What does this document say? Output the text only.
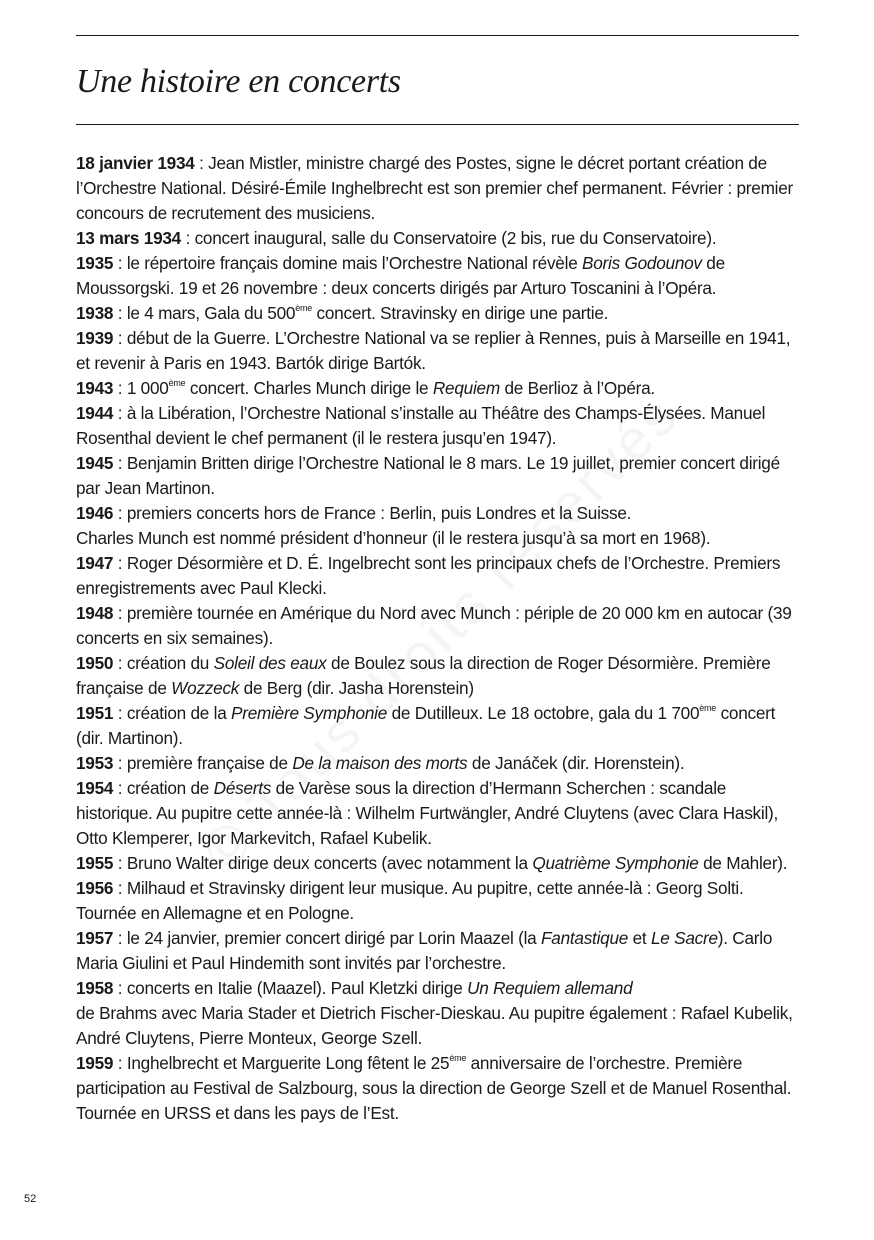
Une histoire en concerts

18 janvier 1934 : Jean Mistler, ministre chargé des Postes, signe le décret portant création de l’Orchestre National. Désiré-Émile Inghelbrecht est son premier chef permanent. Février : premier concours de recrutement des musiciens.

13 mars 1934 : concert inaugural, salle du Conservatoire (2 bis, rue du Conservatoire).

1935 : le répertoire français domine mais l’Orchestre National révèle Boris Godounov de Moussorgski. 19 et 26 novembre : deux concerts dirigés par Arturo Toscanini à l’Opéra.

1938 : le 4 mars, Gala du 500ème concert. Stravinsky en dirige une partie.

1939 : début de la Guerre. L’Orchestre National va se replier à Rennes, puis à Marseille en 1941, et revenir à Paris en 1943. Bartók dirige Bartók.

1943 : 1 000ème concert. Charles Munch dirige le Requiem de Berlioz à l’Opéra.

1944 : à la Libération, l’Orchestre National s’installe au Théâtre des Champs-Élysées. Manuel Rosenthal devient le chef permanent (il le restera jusqu’en 1947).

1945 : Benjamin Britten dirige l’Orchestre National le 8 mars. Le 19 juillet, premier concert dirigé par Jean Martinon.

1946 : premiers concerts hors de France : Berlin, puis Londres et la Suisse.
Charles Munch est nommé président d’honneur (il le restera jusqu’à sa mort en 1968).

1947 : Roger Désormière et D. É. Ingelbrecht sont les principaux chefs de l’Orchestre. Premiers enregistrements avec Paul Klecki.

1948 : première tournée en Amérique du Nord avec Munch : périple de 20 000 km en autocar (39 concerts en six semaines).

1950 : création du Soleil des eaux de Boulez sous la direction de Roger Désormière. Première française de Wozzeck de Berg (dir. Jasha Horenstein)

1951 : création de la Première Symphonie de Dutilleux. Le 18 octobre, gala du 1 700ème concert (dir. Martinon).

1953 : première française de De la maison des morts de Janáček (dir. Horenstein).

1954 : création de Déserts de Varèse sous la direction d’Hermann Scherchen : scandale historique. Au pupitre cette année-là : Wilhelm Furtwängler, André Cluytens (avec Clara Haskil), Otto Klemperer, Igor Markevitch, Rafael Kubelik.

1955 : Bruno Walter dirige deux concerts (avec notamment la Quatrième Symphonie de Mahler).

1956 : Milhaud et Stravinsky dirigent leur musique. Au pupitre, cette année-là : Georg Solti. Tournée en Allemagne et en Pologne.

1957 : le 24 janvier, premier concert dirigé par Lorin Maazel (la Fantastique et Le Sacre). Carlo Maria Giulini et Paul Hindemith sont invités par l’orchestre.

1958 : concerts en Italie (Maazel). Paul Kletzki dirige Un Requiem allemand
de Brahms avec Maria Stader et Dietrich Fischer-Dieskau. Au pupitre également : Rafael Kubelik, André Cluytens, Pierre Monteux, George Szell.

1959 : Inghelbrecht et Marguerite Long fêtent le 25ème anniversaire de l’orchestre. Première participation au Festival de Salzbourg, sous la direction de George Szell et de Manuel Rosenthal. Tournée en URSS et dans les pays de l’Est.

52
